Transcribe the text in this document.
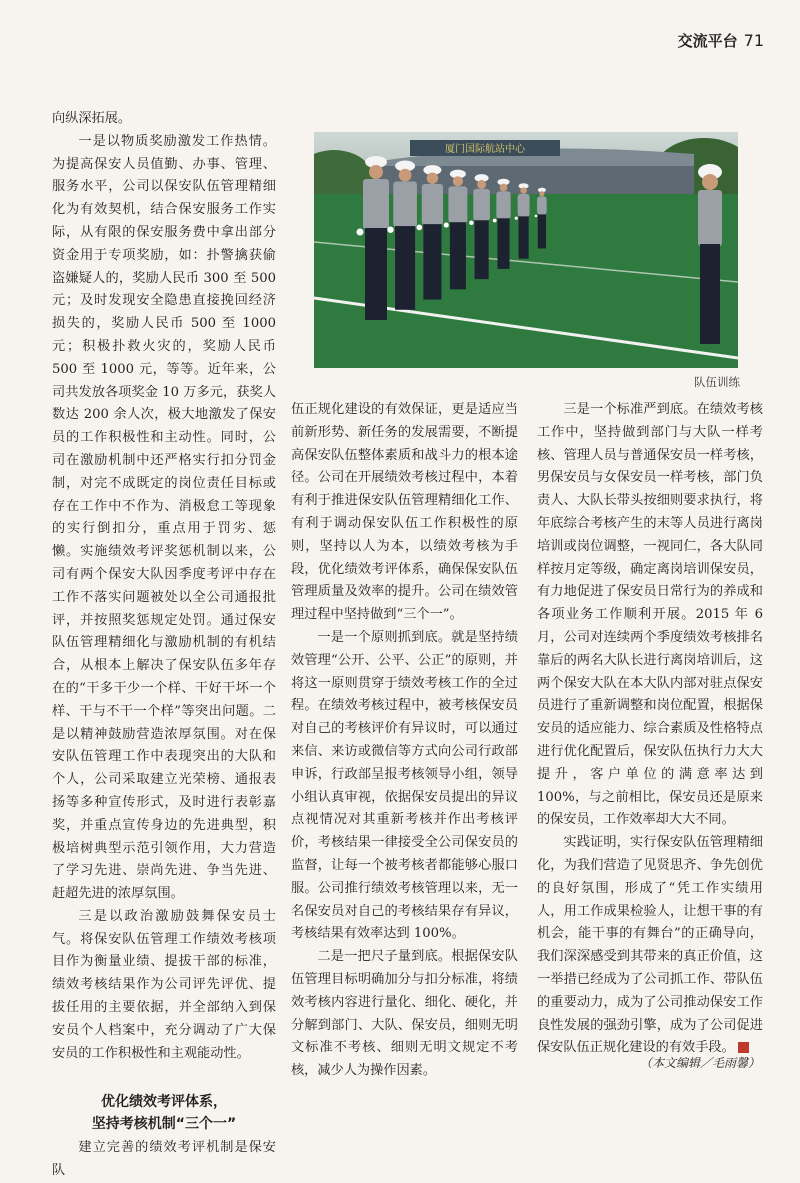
交流平台 71
厦门国际航站中心
队伍训练

向纵深拓展。

一是以物质奖励激发工作热情。为提高保安人员值勤、办事、管理、服务水平，公司以保安队伍管理精细化为有效契机，结合保安服务工作实际，从有限的保安服务费中拿出部分资金用于专项奖励，如：扑警擒获偷盗嫌疑人的，奖励人民币 300 至 500 元；及时发现安全隐患直接挽回经济损失的，奖励人民币 500 至 1000 元；积极扑救火灾的，奖励人民币 500 至 1000 元，等等。近年来，公司共发放各项奖金 10 万多元，获奖人数达 200 余人次，极大地激发了保安员的工作积极性和主动性。同时，公司在激励机制中还严格实行扣分罚金制，对完不成既定的岗位责任目标或存在工作中不作为、消极怠工等现象的实行倒扣分，重点用于罚劣、惩懒。实施绩效考评奖惩机制以来，公司有两个保安大队因季度考评中存在工作不落实问题被处以全公司通报批评，并按照奖惩规定处罚。通过保安队伍管理精细化与激励机制的有机结合，从根本上解决了保安队伍多年存在的“干多干少一个样、干好干坏一个样、干与不干一个样”等突出问题。二是以精神鼓励营造浓厚氛围。对在保安队伍管理工作中表现突出的大队和个人，公司采取建立光荣榜、通报表扬等多种宣传形式，及时进行表彰嘉奖，并重点宣传身边的先进典型，积极培树典型示范引领作用，大力营造了学习先进、崇尚先进、争当先进、赶超先进的浓厚氛围。

三是以政治激励鼓舞保安员士气。将保安队伍管理工作绩效考核项目作为衡量业绩、提拔干部的标准，绩效考核结果作为公司评先评优、提拔任用的主要依据，并全部纳入到保安员个人档案中，充分调动了广大保安员的工作积极性和主观能动性。

优化绩效考评体系，
坚持考核机制“三个一”

建立完善的绩效考评机制是保安队

伍正规化建设的有效保证，更是适应当前新形势、新任务的发展需要，不断提高保安队伍整体素质和战斗力的根本途径。公司在开展绩效考核过程中，本着有利于推进保安队伍管理精细化工作、有利于调动保安队伍工作积极性的原则，坚持以人为本，以绩效考核为手段，优化绩效考评体系，确保保安队伍管理质量及效率的提升。公司在绩效管理过程中坚持做到“三个一”。

一是一个原则抓到底。就是坚持绩效管理“公开、公平、公正”的原则，并将这一原则贯穿于绩效考核工作的全过程。在绩效考核过程中，被考核保安员对自己的考核评价有异议时，可以通过来信、来访或微信等方式向公司行政部申诉，行政部呈报考核领导小组，领导小组认真审视，依据保安员提出的异议点视情况对其重新考核并作出考核评价，考核结果一律接受全公司保安员的监督，让每一个被考核者都能够心服口服。公司推行绩效考核管理以来，无一名保安员对自己的考核结果存有异议，考核结果有效率达到 100%。

二是一把尺子量到底。根据保安队伍管理目标明确加分与扣分标准，将绩效考核内容进行量化、细化、硬化，并分解到部门、大队、保安员，细则无明文标准不考核、细则无明文规定不考核，减少人为操作因素。

三是一个标准严到底。在绩效考核工作中，坚持做到部门与大队一样考核、管理人员与普通保安员一样考核，男保安员与女保安员一样考核，部门负责人、大队长带头按细则要求执行，将年底综合考核产生的末等人员进行离岗培训或岗位调整，一视同仁，各大队同样按月定等级，确定离岗培训保安员，有力地促进了保安员日常行为的养成和各项业务工作顺利开展。2015 年 6 月，公司对连续两个季度绩效考核排名靠后的两名大队长进行离岗培训后，这两个保安大队在本大队内部对驻点保安员进行了重新调整和岗位配置，根据保安员的适应能力、综合素质及性格特点进行优化配置后，保安队伍执行力大大提升，客户单位的满意率达到 100%，与之前相比，保安员还是原来的保安员，工作效率却大大不同。

实践证明，实行保安队伍管理精细化，为我们营造了见贤思齐、争先创优的良好氛围，形成了“凭工作实绩用人，用工作成果检验人，让想干事的有机会，能干事的有舞台”的正确导向，我们深深感受到其带来的真正价值，这一举措已经成为了公司抓工作、带队伍的重要动力，成为了公司推动保安工作良性发展的强劲引擎，成为了公司促进保安队伍正规化建设的有效手段。

（本文编辑／毛雨馨）
